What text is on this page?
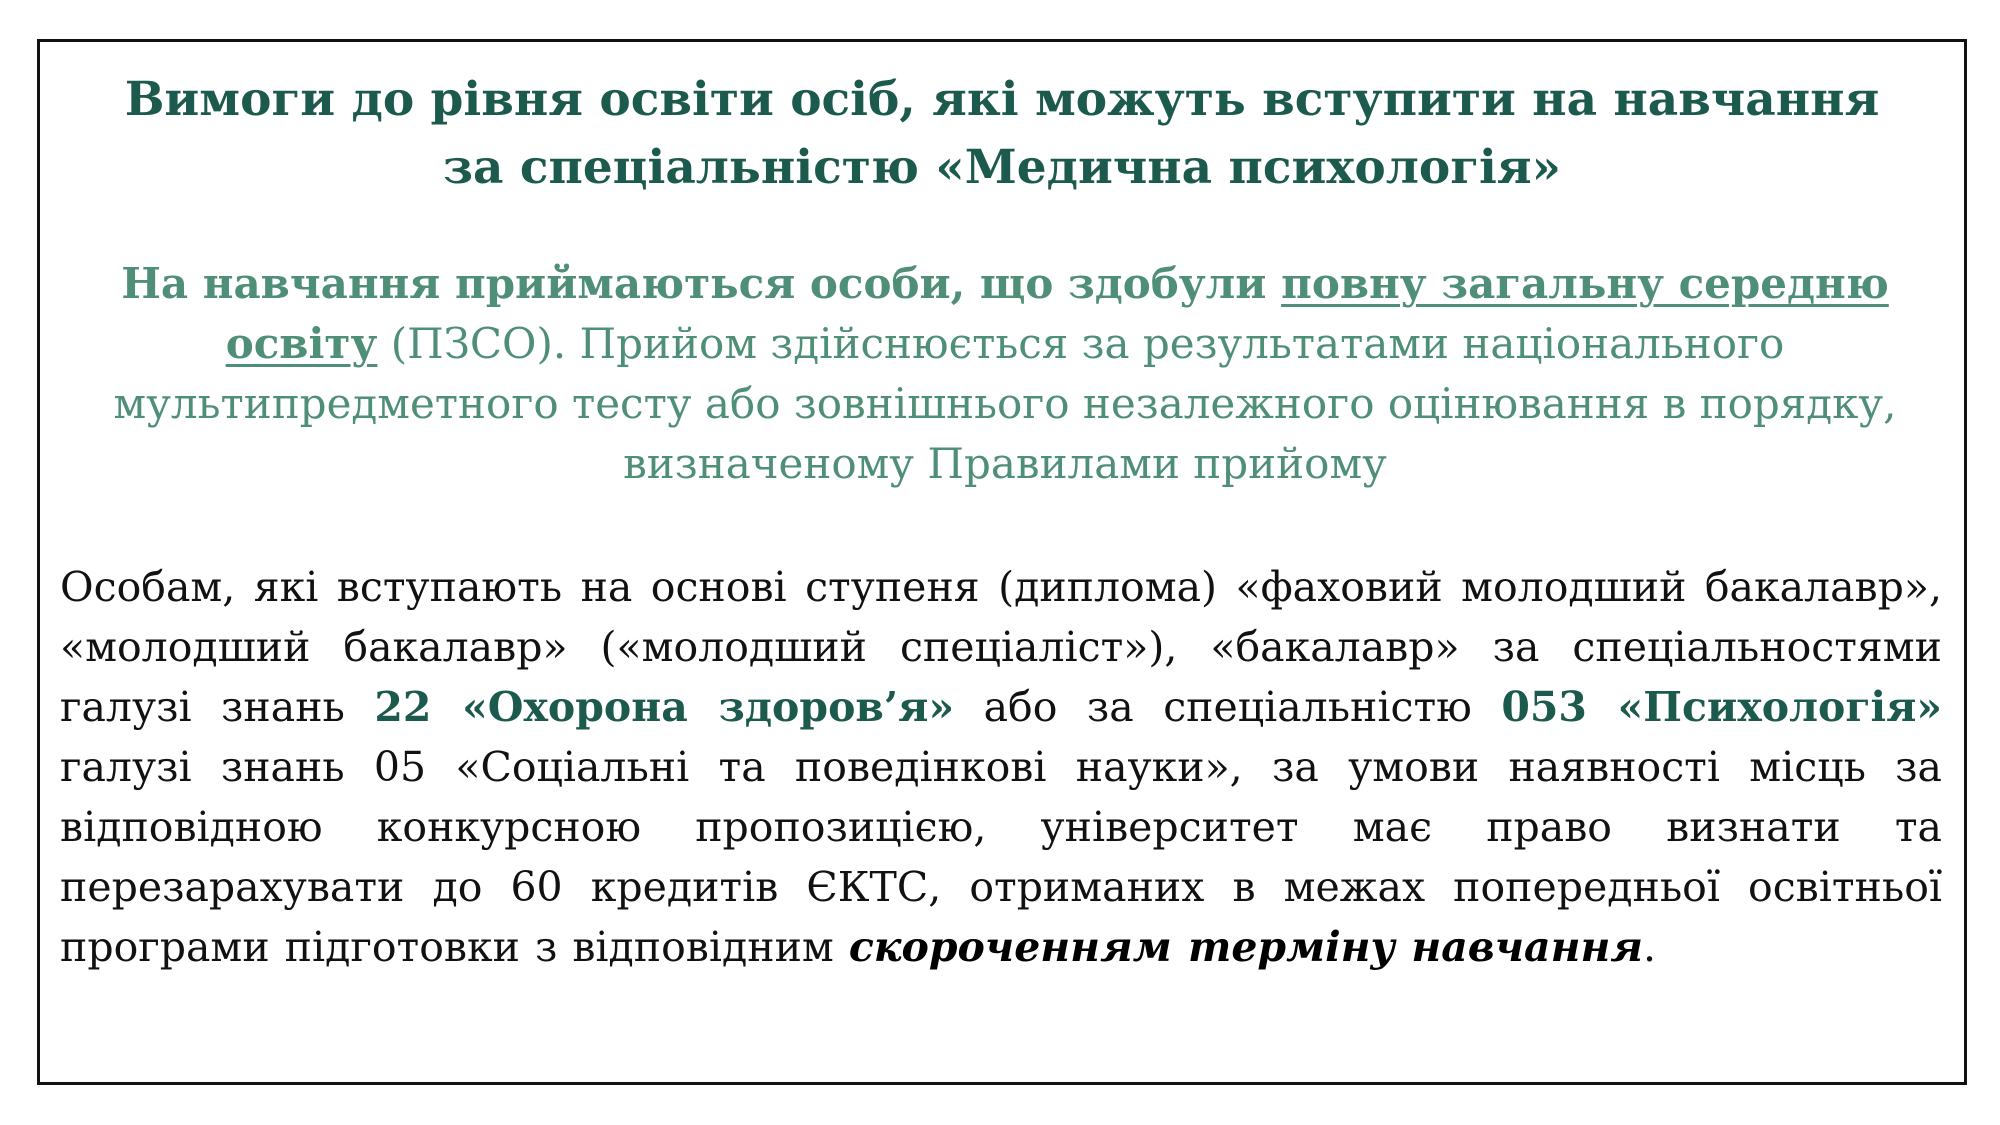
Вимоги до рівня освіти осіб, які можуть вступити на навчання
за спеціальністю «Медична психологія»
На навчання приймаються особи, що здобули повну загальну середню освіту (ПЗСО). Прийом здійснюється за результатами національного мультипредметного тесту або зовнішнього незалежного оцінювання в порядку, визначеному Правилами прийому
Особам, які вступають на основі ступеня (диплома) «фаховий молодший бакалавр», «молодший бакалавр» («молодший спеціаліст»), «бакалавр» за спеціальностями галузі знань 22 «Охорона здоров’я» або за спеціальністю 053 «Психологія» галузі знань 05 «Соціальні та поведінкові науки», за умови наявності місць за відповідною конкурсною пропозицією, університет має право визнати та перезарахувати до 60 кредитів ЄКТС, отриманих в межах попередньої освітньої програми підготовки з відповідним скороченням терміну навчання.
